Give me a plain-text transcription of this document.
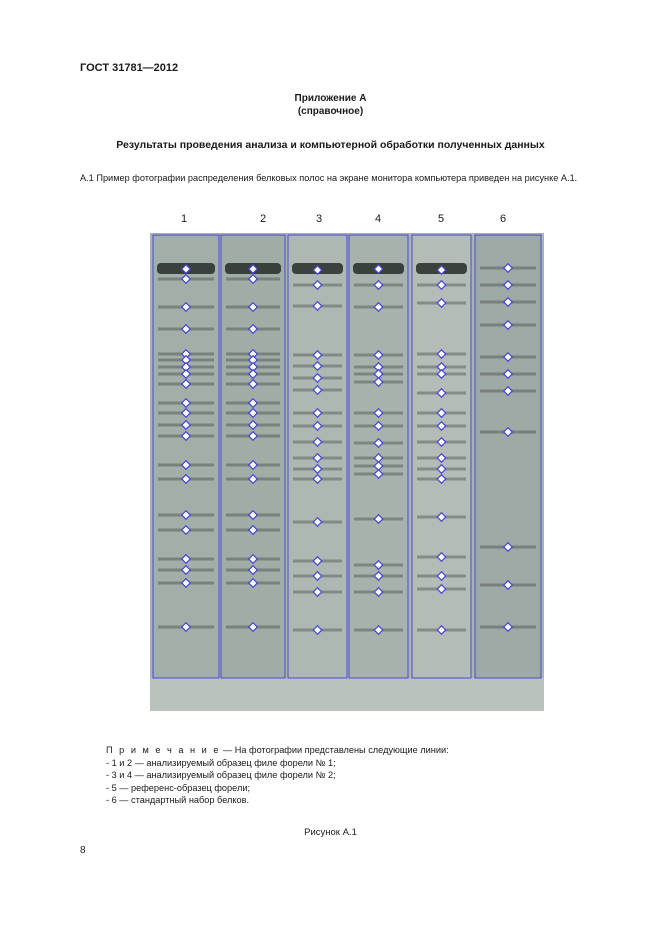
ГОСТ 31781—2012
Приложение А
(справочное)
Результаты проведения анализа и компьютерной обработки полученных данных
А.1 Пример фотографии распределения белковых полос на экране монитора компьютера приведен на рисунке А.1.
1	2	3	4	5	6
П р и м е ч а н и е — На фотографии представлены следующие линии:
- 1 и 2 — анализируемый образец филе форели № 1;
- 3 и 4 — анализируемый образец филе форели № 2;
- 5 — референс-образец форели;
- 6 — стандартный набор белков.
Рисунок А.1
8
